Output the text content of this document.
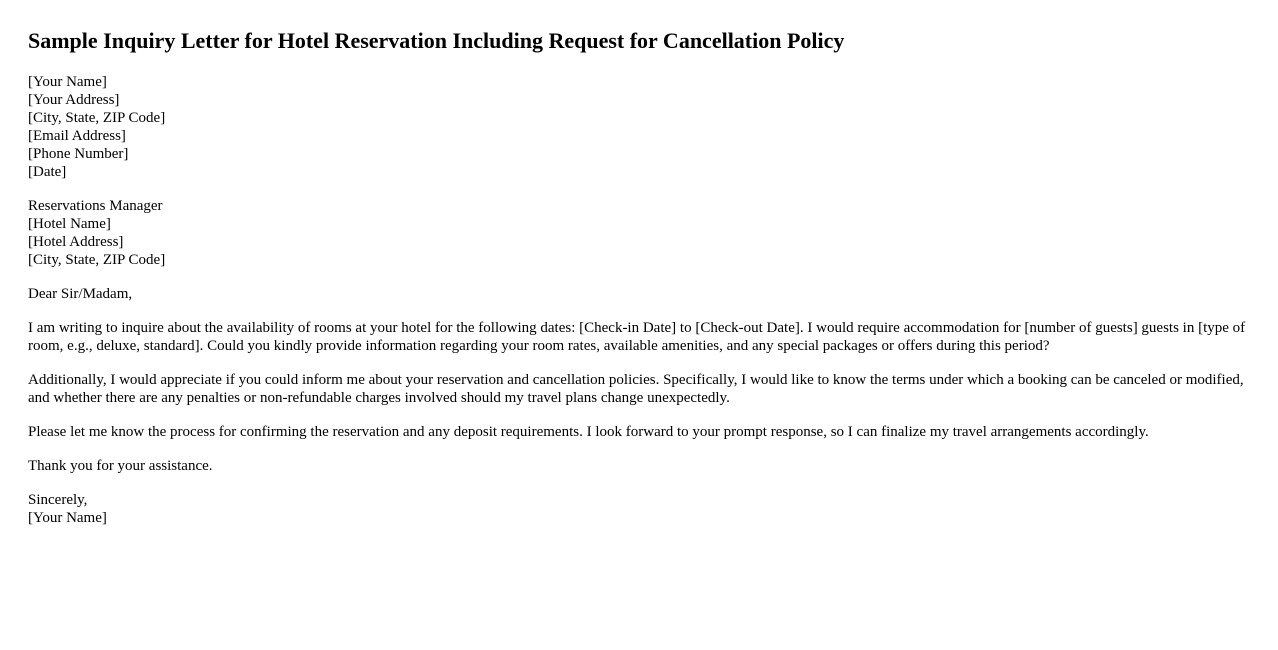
Sample Inquiry Letter for Hotel Reservation Including Request for Cancellation Policy
[Your Name]
[Your Address]
[City, State, ZIP Code]
[Email Address]
[Phone Number]
[Date]
Reservations Manager
[Hotel Name]
[Hotel Address]
[City, State, ZIP Code]

Dear Sir/Madam,

I am writing to inquire about the availability of rooms at your hotel for the following dates: [Check-in Date] to [Check-out Date]. I would require accommodation for [number of guests] guests in [type of room, e.g., deluxe, standard]. Could you kindly provide information regarding your room rates, available amenities, and any special packages or offers during this period?

Additionally, I would appreciate if you could inform me about your reservation and cancellation policies. Specifically, I would like to know the terms under which a booking can be canceled or modified, and whether there are any penalties or non-refundable charges involved should my travel plans change unexpectedly.

Please let me know the process for confirming the reservation and any deposit requirements. I look forward to your prompt response, so I can finalize my travel arrangements accordingly.

Thank you for your assistance.

Sincerely,
[Your Name]
